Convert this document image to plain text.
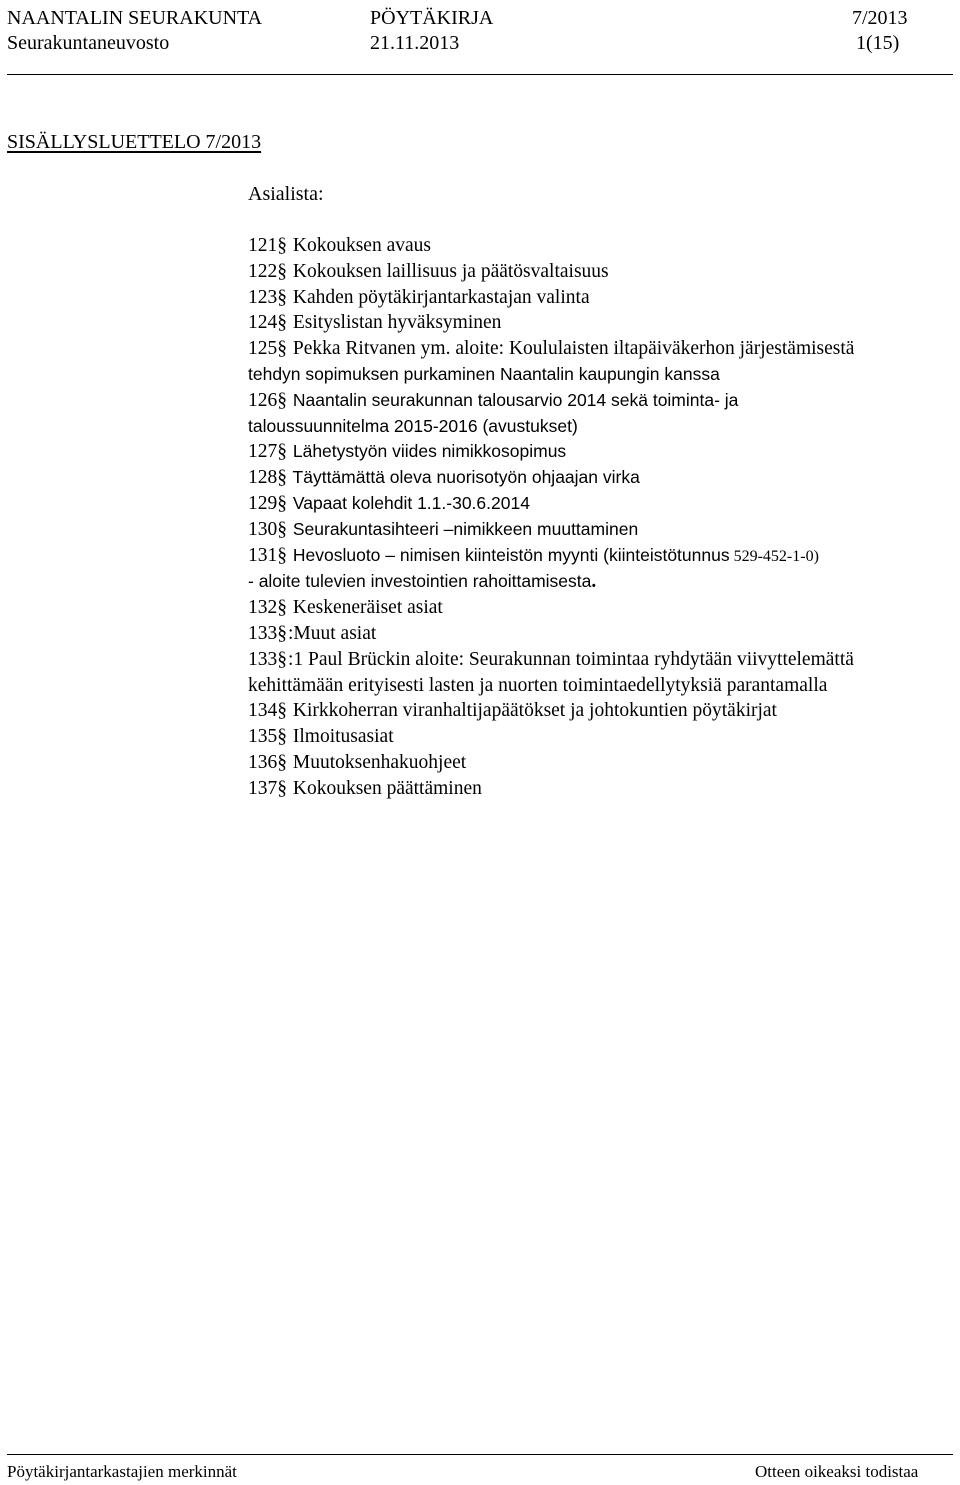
NAANTALIN SEURAKUNTA	PÖYTÄKIRJA	7/2013
Seurakuntaneuvosto	21.11.2013	1(15)
SISÄLLYSLUETTELO 7/2013
Asialista:
121§ Kokouksen avaus
122§ Kokouksen laillisuus ja päätösvaltaisuus
123§ Kahden pöytäkirjantarkastajan valinta
124§ Esityslistan hyväksyminen
125§ Pekka Ritvanen ym. aloite: Koululaisten iltapäiväkerhon järjestämisestä
tehdyn sopimuksen purkaminen Naantalin kaupungin kanssa
126§ Naantalin seurakunnan talousarvio 2014 sekä toiminta- ja
taloussuunnitelma 2015-2016 (avustukset)
127§ Lähetystyön viides nimikkosopimus
128§ Täyttämättä oleva nuorisotyön ohjaajan virka
129§ Vapaat kolehdit 1.1.-30.6.2014
130§ Seurakuntasihteeri –nimikkeen muuttaminen
131§ Hevosluoto – nimisen kiinteistön myynti (kiinteistötunnus 529-452-1-0)
- aloite tulevien investointien rahoittamisesta.
132§ Keskeneräiset asiat
133§:Muut asiat
133§:1 Paul Brückin aloite: Seurakunnan toimintaa ryhdytään viivyttelemättä
kehittämään erityisesti lasten ja nuorten toimintaedellytyksiä parantamalla
134§ Kirkkoherran viranhaltijapäätökset ja johtokuntien pöytäkirjat
135§ Ilmoitusasiat
136§ Muutoksenhakuohjeet
137§ Kokouksen päättäminen
Pöytäkirjantarkastajien merkinnät	Otteen oikeaksi todistaa
